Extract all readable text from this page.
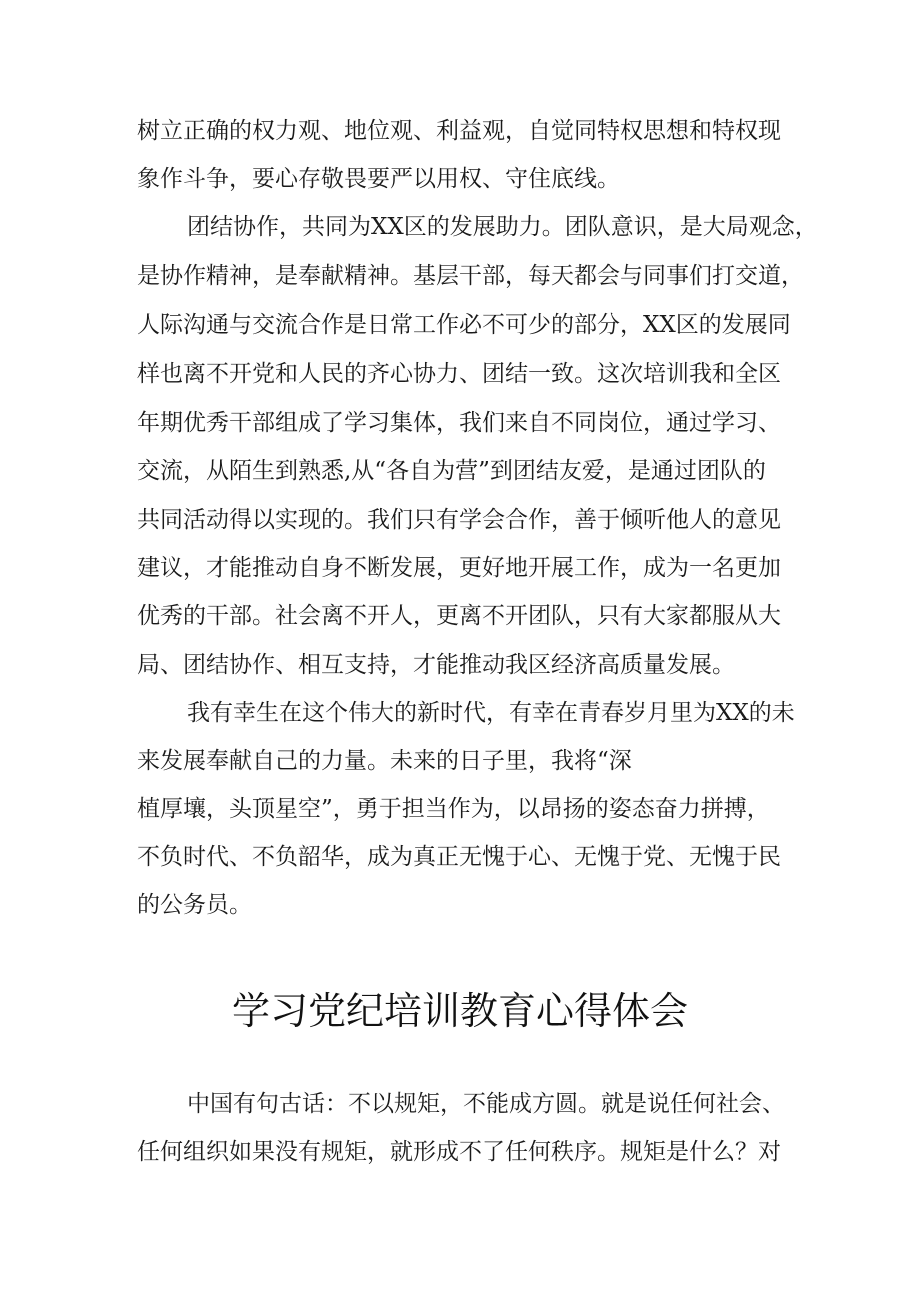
树立正确的权力观、地位观、利益观，自觉同特权思想和特权现
象作斗争，要心存敬畏要严以用权、守住底线。
团结协作，共同为XX区的发展助力。团队意识，是大局观念，
是协作精神，是奉献精神。基层干部，每天都会与同事们打交道，
人际沟通与交流合作是日常工作必不可少的部分，XX区的发展同
样也离不开党和人民的齐心协力、团结一致。这次培训我和全区
年期优秀干部组成了学习集体，我们来自不同岗位，通过学习、
交流，从陌生到熟悉,从“各自为营”到团结友爱，是通过团队的
共同活动得以实现的。我们只有学会合作，善于倾听他人的意见
建议，才能推动自身不断发展，更好地开展工作，成为一名更加
优秀的干部。社会离不开人，更离不开团队，只有大家都服从大
局、团结协作、相互支持，才能推动我区经济高质量发展。
我有幸生在这个伟大的新时代，有幸在青春岁月里为XX的未
来发展奉献自己的力量。未来的日子里，我将“深
植厚壤，头顶星空”，勇于担当作为，以昂扬的姿态奋力拼搏，
不负时代、不负韶华，成为真正无愧于心、无愧于党、无愧于民
的公务员。
学习党纪培训教育心得体会
中国有句古话：不以规矩，不能成方圆。就是说任何社会、
任何组织如果没有规矩，就形成不了任何秩序。规矩是什么？对
